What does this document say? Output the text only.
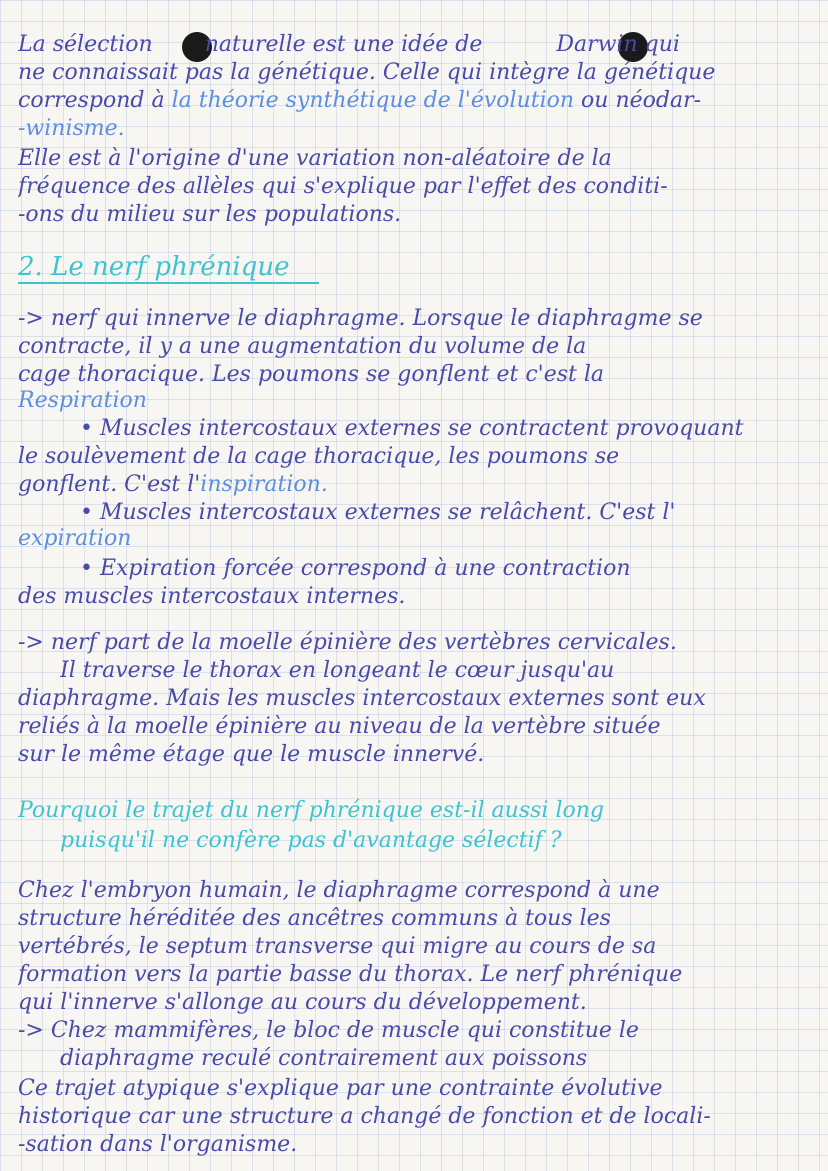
La sélection naturelle est une idée de	Darwin qui
ne connaissait pas la génétique. Celle qui intègre la génétique
correspond à la théorie synthétique de l'évolution ou néodar-
-winisme.
Elle est à l'origine d'une variation non-aléatoire de la
fréquence des allèles qui s'explique par l'effet des conditi-
-ons du milieu sur les populations.
2. Le nerf phrénique
-> nerf qui innerve le diaphragme. Lorsque le diaphragme se
contracte, il y a une augmentation du volume de la
cage thoracique. Les poumons se gonflent et c'est la
Respiration
• Muscles intercostaux externes se contractent provoquant
le soulèvement de la cage thoracique, les poumons se
gonflent. C'est l'inspiration.
• Muscles intercostaux externes se relâchent. C'est l'
expiration
• Expiration forcée correspond à une contraction
des muscles intercostaux internes.
-> nerf part de la moelle épinière des vertèbres cervicales.
Il traverse le thorax en longeant le cœur jusqu'au
diaphragme. Mais les muscles intercostaux externes sont eux
reliés à la moelle épinière au niveau de la vertèbre située
sur le même étage que le muscle innervé.
Pourquoi le trajet du nerf phrénique est-il aussi long
puisqu'il ne confère pas d'avantage sélectif ?
Chez l'embryon humain, le diaphragme correspond à une
structure héréditée des ancêtres communs à tous les
vertébrés, le septum transverse qui migre au cours de sa
formation vers la partie basse du thorax. Le nerf phrénique
qui l'innerve s'allonge au cours du développement.
-> Chez mammifères, le bloc de muscle qui constitue le
diaphragme reculé contrairement aux poissons
Ce trajet atypique s'explique par une contrainte évolutive
historique car une structure a changé de fonction et de locali-
-sation dans l'organisme.
